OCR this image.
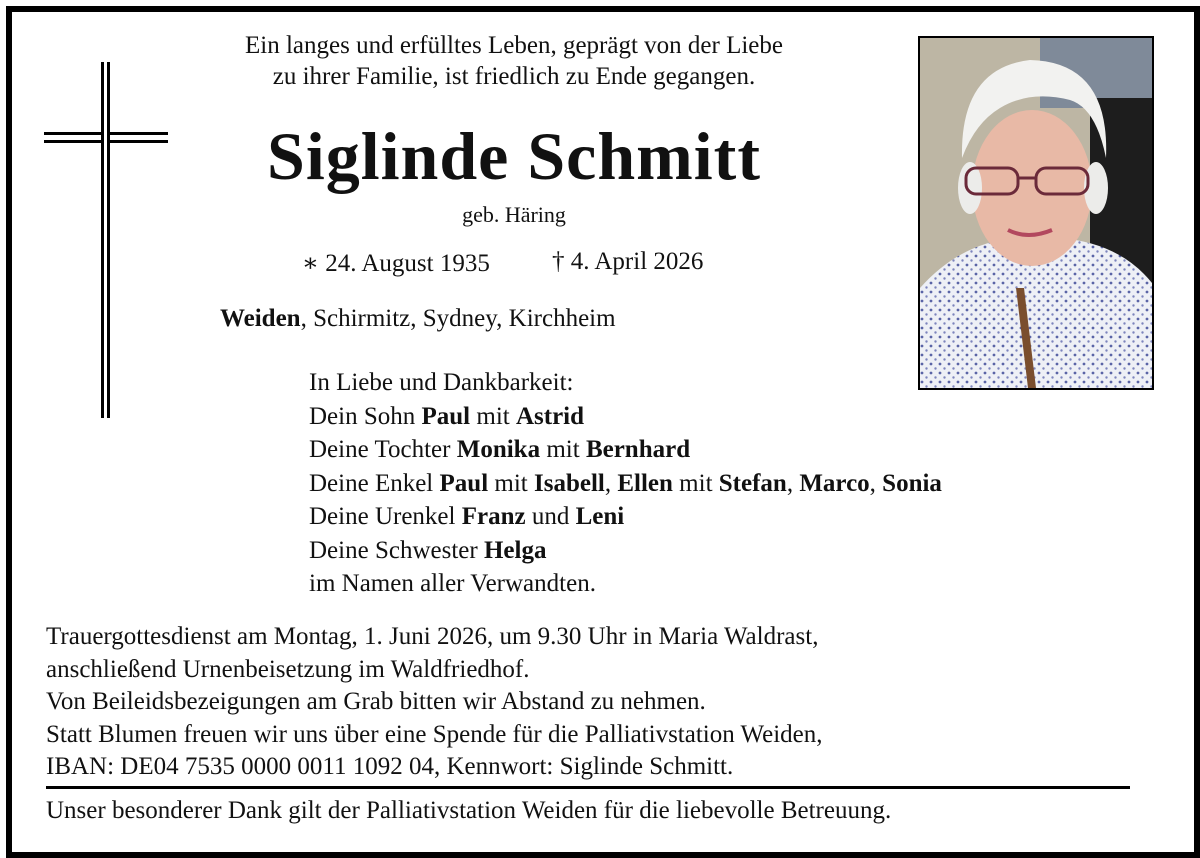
Ein langes und erfülltes Leben, geprägt von der Liebe
zu ihrer Familie, ist friedlich zu Ende gegangen.
Siglinde Schmitt
geb. Häring
∗ 24. August 1935 † 4. April 2026
Weiden, Schirmitz, Sydney, Kirchheim
In Liebe und Dankbarkeit:
Dein Sohn Paul mit Astrid
Deine Tochter Monika mit Bernhard
Deine Enkel Paul mit Isabell, Ellen mit Stefan, Marco, Sonia
Deine Urenkel Franz und Leni
Deine Schwester Helga
im Namen aller Verwandten.
Trauergottesdienst am Montag, 1. Juni 2026, um 9.30 Uhr in Maria Waldrast,
anschließend Urnenbeisetzung im Waldfriedhof.
Von Beileidsbezeigungen am Grab bitten wir Abstand zu nehmen.
Statt Blumen freuen wir uns über eine Spende für die Palliativstation Weiden,
IBAN: DE04 7535 0000 0011 1092 04, Kennwort: Siglinde Schmitt.
Unser besonderer Dank gilt der Palliativstation Weiden für die liebevolle Betreuung.
